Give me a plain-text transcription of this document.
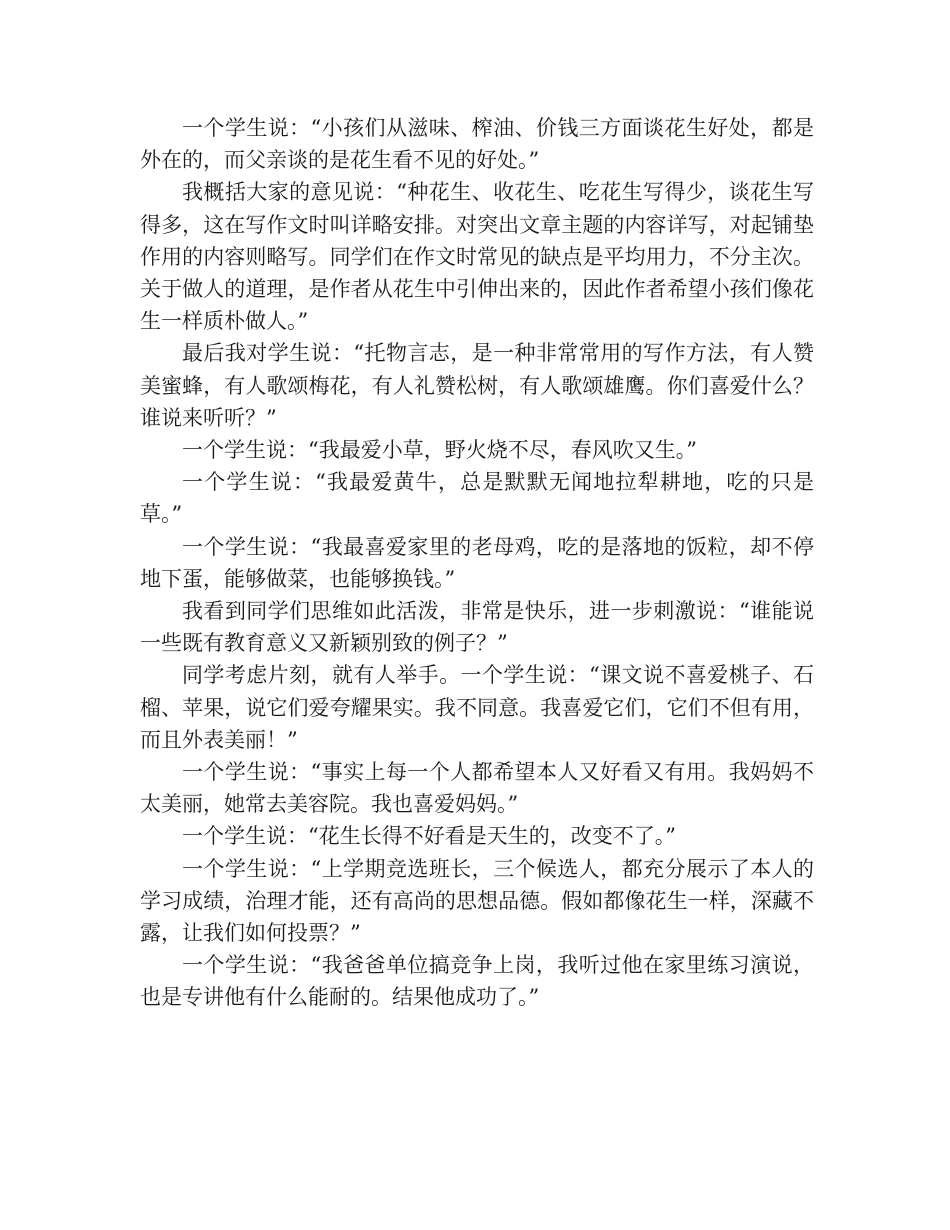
一个学生说：“小孩们从滋味、榨油、价钱三方面谈花生好处，都是外在的，而父亲谈的是花生看不见的好处。”

我概括大家的意见说：“种花生、收花生、吃花生写得少，谈花生写得多，这在写作文时叫详略安排。对突出文章主题的内容详写，对起铺垫作用的内容则略写。同学们在作文时常见的缺点是平均用力，不分主次。关于做人的道理，是作者从花生中引伸出来的，因此作者希望小孩们像花生一样质朴做人。”

最后我对学生说：“托物言志，是一种非常常用的写作方法，有人赞美蜜蜂，有人歌颂梅花，有人礼赞松树，有人歌颂雄鹰。你们喜爱什么？谁说来听听？”

一个学生说：“我最爱小草，野火烧不尽，春风吹又生。”

一个学生说：“我最爱黄牛，总是默默无闻地拉犁耕地，吃的只是草。”

一个学生说：“我最喜爱家里的老母鸡，吃的是落地的饭粒，却不停地下蛋，能够做菜，也能够换钱。”

我看到同学们思维如此活泼，非常是快乐，进一步刺激说：“谁能说一些既有教育意义又新颖别致的例子？”

同学考虑片刻，就有人举手。一个学生说：“课文说不喜爱桃子、石榴、苹果，说它们爱夸耀果实。我不同意。我喜爱它们，它们不但有用，而且外表美丽！”

一个学生说：“事实上每一个人都希望本人又好看又有用。我妈妈不太美丽，她常去美容院。我也喜爱妈妈。”

一个学生说：“花生长得不好看是天生的，改变不了。”

一个学生说：“上学期竞选班长，三个候选人，都充分展示了本人的学习成绩，治理才能，还有高尚的思想品德。假如都像花生一样，深藏不露，让我们如何投票？”

一个学生说：“我爸爸单位搞竞争上岗，我听过他在家里练习演说，也是专讲他有什么能耐的。结果他成功了。”
